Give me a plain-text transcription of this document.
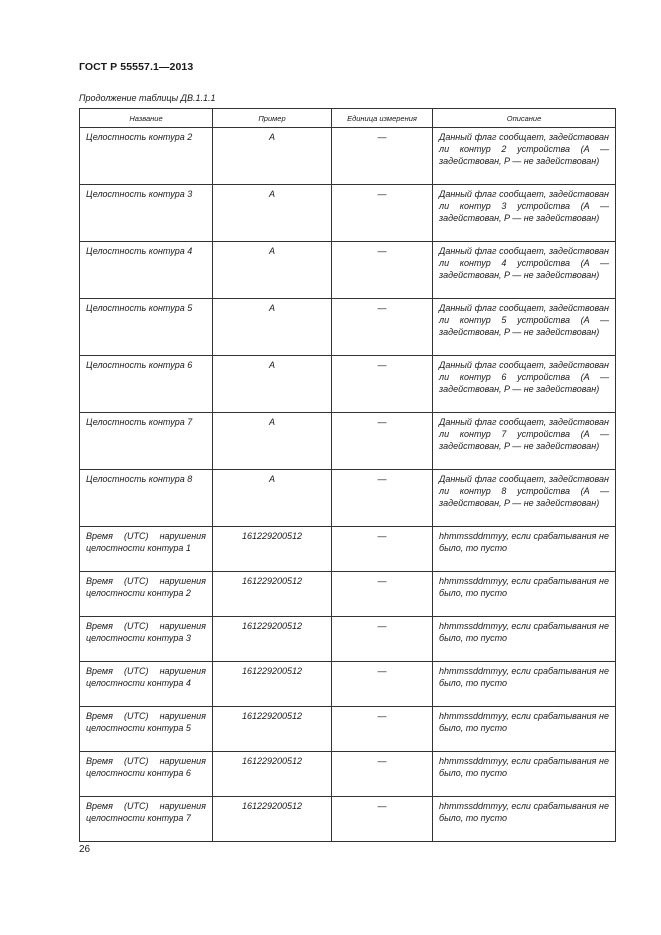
ГОСТ Р 55557.1—2013
Продолжение таблицы ДВ.1.1.1
Название	Пример	Единица измерения	Описание
Целостность контура 2	A	—	Данный флаг сообщает, задействован ли контур 2 устройства (A — задействован, P — не задействован)
Целостность контура 3	A	—	Данный флаг сообщает, задействован ли контур 3 устройства (A — задействован, P — не задействован)
Целостность контура 4	A	—	Данный флаг сообщает, задействован ли контур 4 устройства (A — задействован, P — не задействован)
Целостность контура 5	A	—	Данный флаг сообщает, задействован ли контур 5 устройства (A — задействован, P — не задействован)
Целостность контура 6	A	—	Данный флаг сообщает, задействован ли контур 6 устройства (A — задействован, P — не задействован)
Целостность контура 7	A	—	Данный флаг сообщает, задействован ли контур 7 устройства (A — задействован, P — не задействован)
Целостность контура 8	A	—	Данный флаг сообщает, задействован ли контур 8 устройства (A — задействован, P — не задействован)
Время (UTC) нарушения целостности контура 1	161229200512	—	hhmmssddmmyy, если срабатывания не было, то пусто
Время (UTC) нарушения целостности контура 2	161229200512	—	hhmmssddmmyy, если срабатывания не было, то пусто
Время (UTC) нарушения целостности контура 3	161229200512	—	hhmmssddmmyy, если срабатывания не было, то пусто
Время (UTC) нарушения целостности контура 4	161229200512	—	hhmmssddmmyy, если срабатывания не было, то пусто
Время (UTC) нарушения целостности контура 5	161229200512	—	hhmmssddmmyy, если срабатывания не было, то пусто
Время (UTC) нарушения целостности контура 6	161229200512	—	hhmmssddmmyy, если срабатывания не было, то пусто
Время (UTC) нарушения целостности контура 7	161229200512	—	hhmmssddmmyy, если срабатывания не было, то пусто
26
